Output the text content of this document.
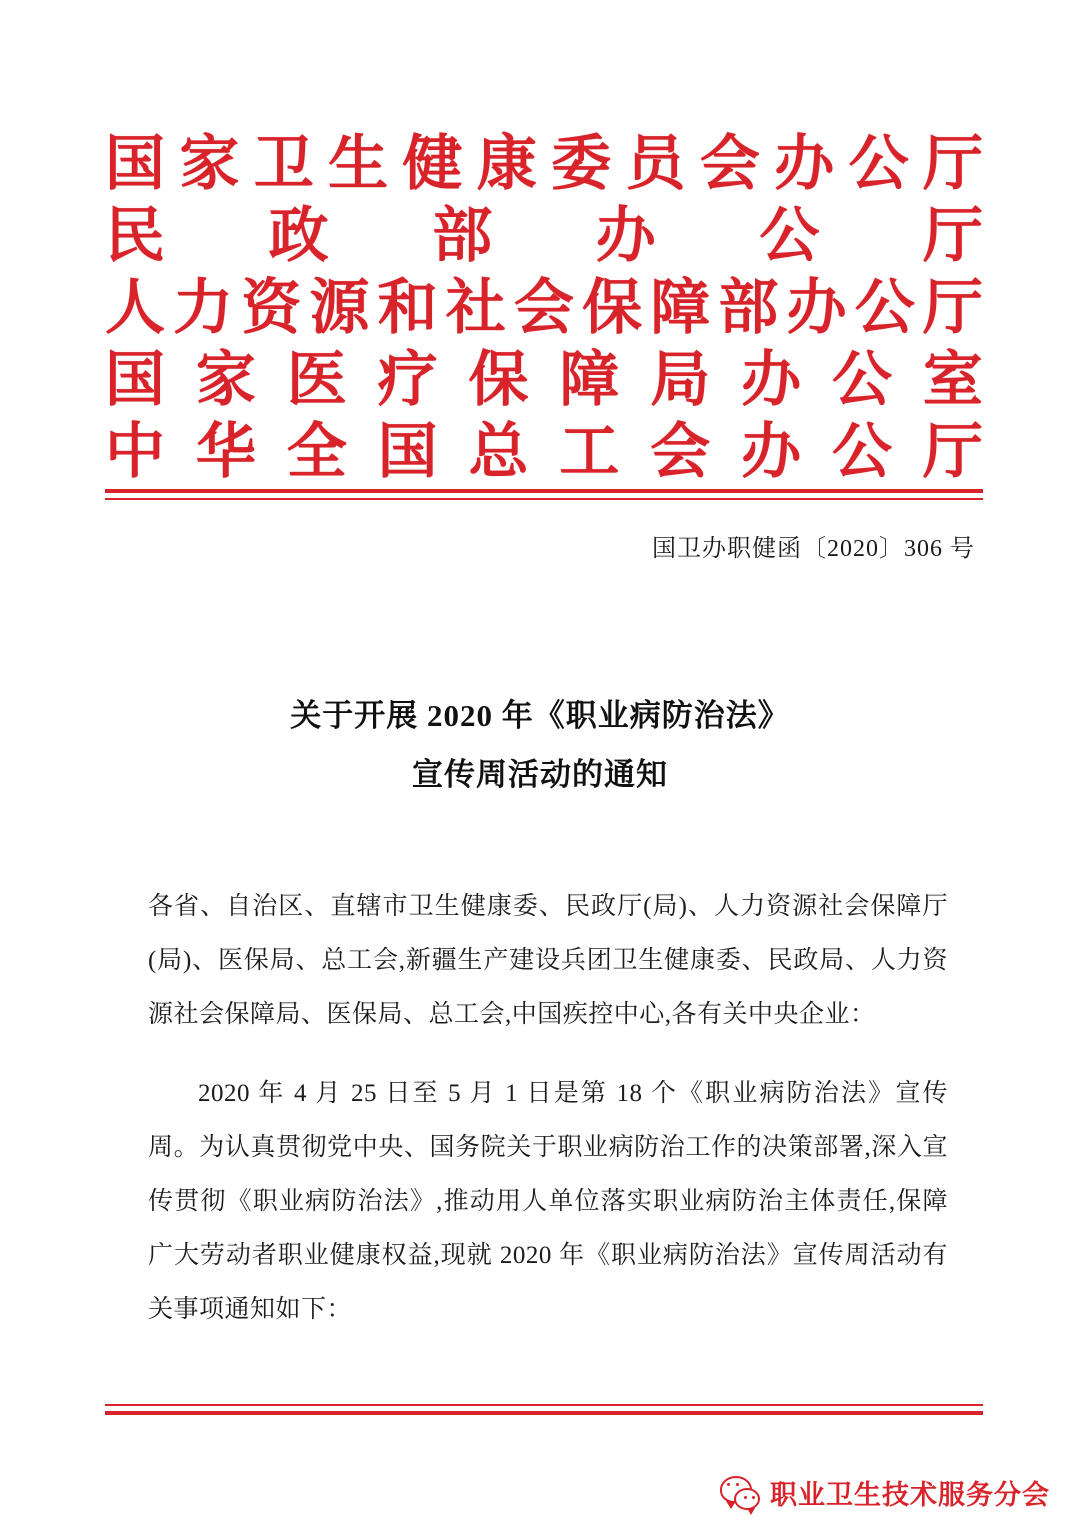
国 家 卫 生 健 康 委 员 会 办 公 厅
民 政 部 办 公 厅
人 力 资 源 和 社 会 保 障 部 办 公 厅
国 家 医 疗 保 障 局 办 公 室
中 华 全 国 总 工 会 办 公 厅
国卫办职健函〔2020〕306 号
关于开展 2020 年《职业病防治法》
宣传周活动的通知

各省、自治区、直辖市卫生健康委、民政厅(局)、人力资源社会保障厅(局)、医保局、总工会,新疆生产建设兵团卫生健康委、民政局、人力资源社会保障局、医保局、总工会,中国疾控中心,各有关中央企业：

2020 年 4 月 25 日至 5 月 1 日是第 18 个《职业病防治法》宣传周。为认真贯彻党中央、国务院关于职业病防治工作的决策部署,深入宣传贯彻《职业病防治法》,推动用人单位落实职业病防治主体责任,保障广大劳动者职业健康权益,现就 2020 年《职业病防治法》宣传周活动有关事项通知如下：

职业卫生技术服务分会
